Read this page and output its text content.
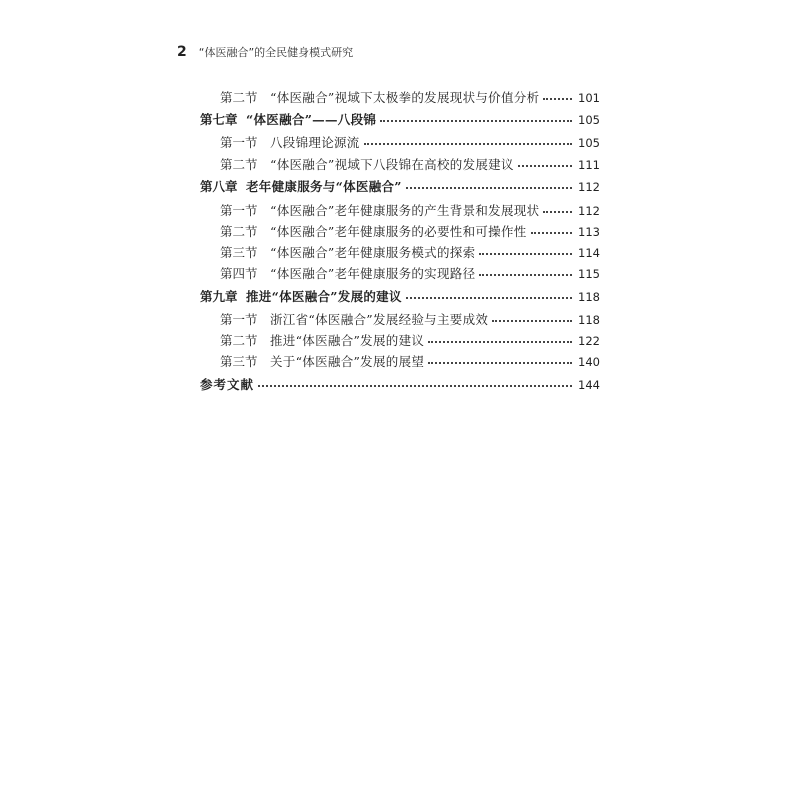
2 “体医融合”的全民健身模式研究
第二节 “体医融合”视域下太极拳的发展现状与价值分析	101
第七章 “体医融合”——八段锦	105
第一节 八段锦理论源流	105
第二节 “体医融合”视域下八段锦在高校的发展建议	111
第八章 老年健康服务与“体医融合”	112
第一节 “体医融合”老年健康服务的产生背景和发展现状	112
第二节 “体医融合”老年健康服务的必要性和可操作性	113
第三节 “体医融合”老年健康服务模式的探索	114
第四节 “体医融合”老年健康服务的实现路径	115
第九章 推进“体医融合”发展的建议	118
第一节 浙江省“体医融合”发展经验与主要成效	118
第二节 推进“体医融合”发展的建议	122
第三节 关于“体医融合”发展的展望	140
参考文献	144
